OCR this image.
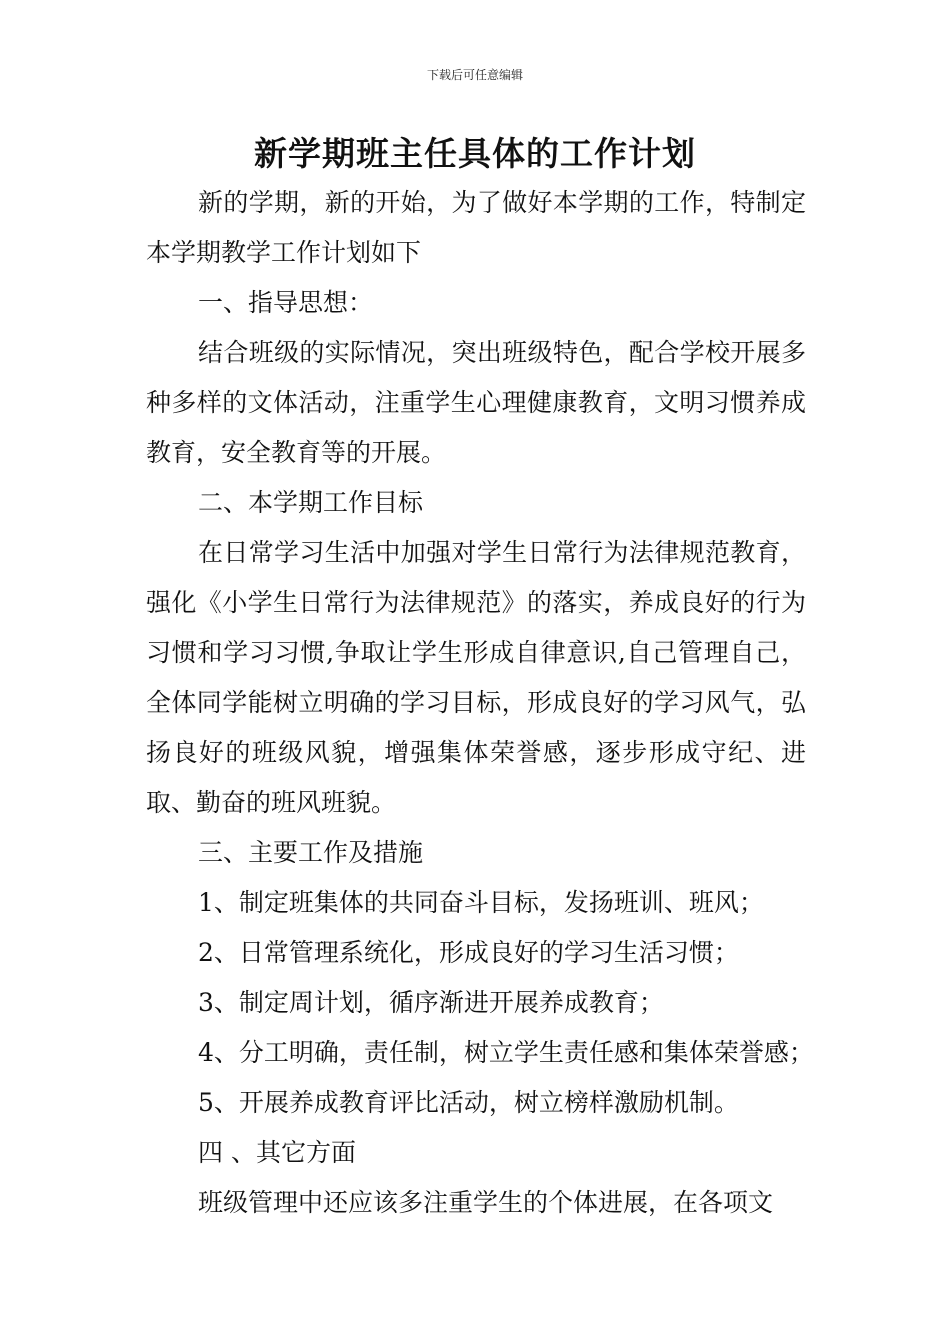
下载后可任意编辑
新学期班主任具体的工作计划

新的学期，新的开始，为了做好本学期的工作，特制定本学期教学工作计划如下

一、指导思想：

结合班级的实际情况，突出班级特色，配合学校开展多种多样的文体活动，注重学生心理健康教育，文明习惯养成教育，安全教育等的开展。

二、本学期工作目标

在日常学习生活中加强对学生日常行为法律规范教育，强化《小学生日常行为法律规范》的落实，养成良好的行为习惯和学习习惯,争取让学生形成自律意识,自己管理自己，全体同学能树立明确的学习目标，形成良好的学习风气，弘扬良好的班级风貌，增强集体荣誉感，逐步形成守纪、进取、勤奋的班风班貌。

三、主要工作及措施

1、制定班集体的共同奋斗目标，发扬班训、班风；

2、日常管理系统化，形成良好的学习生活习惯；

3、制定周计划，循序渐进开展养成教育；

4、分工明确，责任制，树立学生责任感和集体荣誉感；

5、开展养成教育评比活动，树立榜样激励机制。

四 、其它方面

班级管理中还应该多注重学生的个体进展，在各项文
